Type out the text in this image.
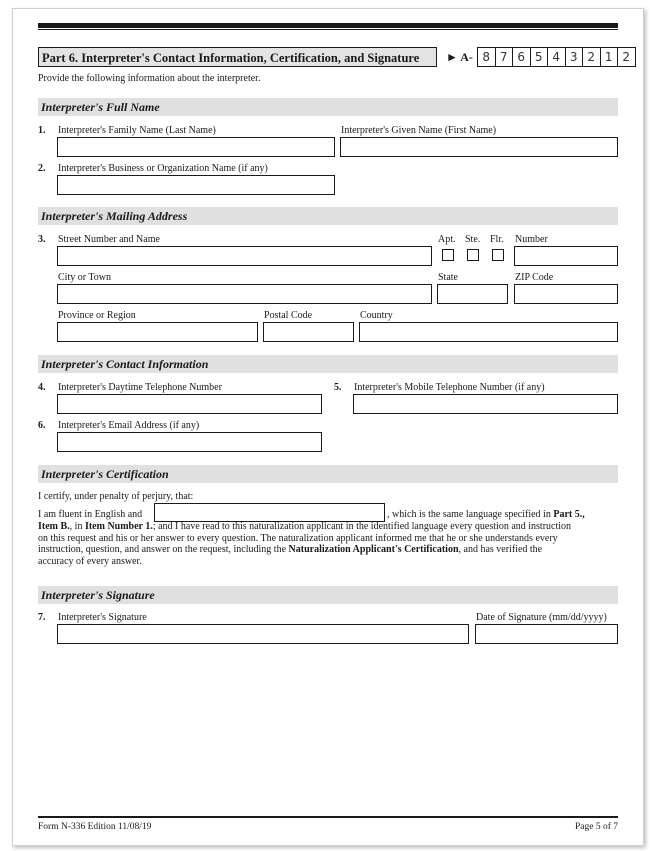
Part 6. Interpreter's Contact Information, Certification, and Signature	► A- 8 7 6 5 4 3 2 1 2
Provide the following information about the interpreter.
Interpreter's Full Name
1. Interpreter's Family Name (Last Name)	Interpreter's Given Name (First Name)
2. Interpreter's Business or Organization Name (if any)
Interpreter's Mailing Address
3. Street Number and Name	Apt. Ste. Flr. Number
City or Town	State	ZIP Code
Province or Region	Postal Code	Country
Interpreter's Contact Information
4. Interpreter's Daytime Telephone Number	5. Interpreter's Mobile Telephone Number (if any)
6. Interpreter's Email Address (if any)
Interpreter's Certification
I certify, under penalty of perjury, that:
I am fluent in English and	, which is the same language specified in Part 5.,
Item B., in Item Number 1.; and I have read to this naturalization applicant in the identified language every question and instruction
on this request and his or her answer to every question. The naturalization applicant informed me that he or she understands every
instruction, question, and answer on the request, including the Naturalization Applicant's Certification, and has verified the
accuracy of every answer.
Interpreter's Signature
7. Interpreter's Signature	Date of Signature (mm/dd/yyyy)
Form N-336 Edition 11/08/19	Page 5 of 7
